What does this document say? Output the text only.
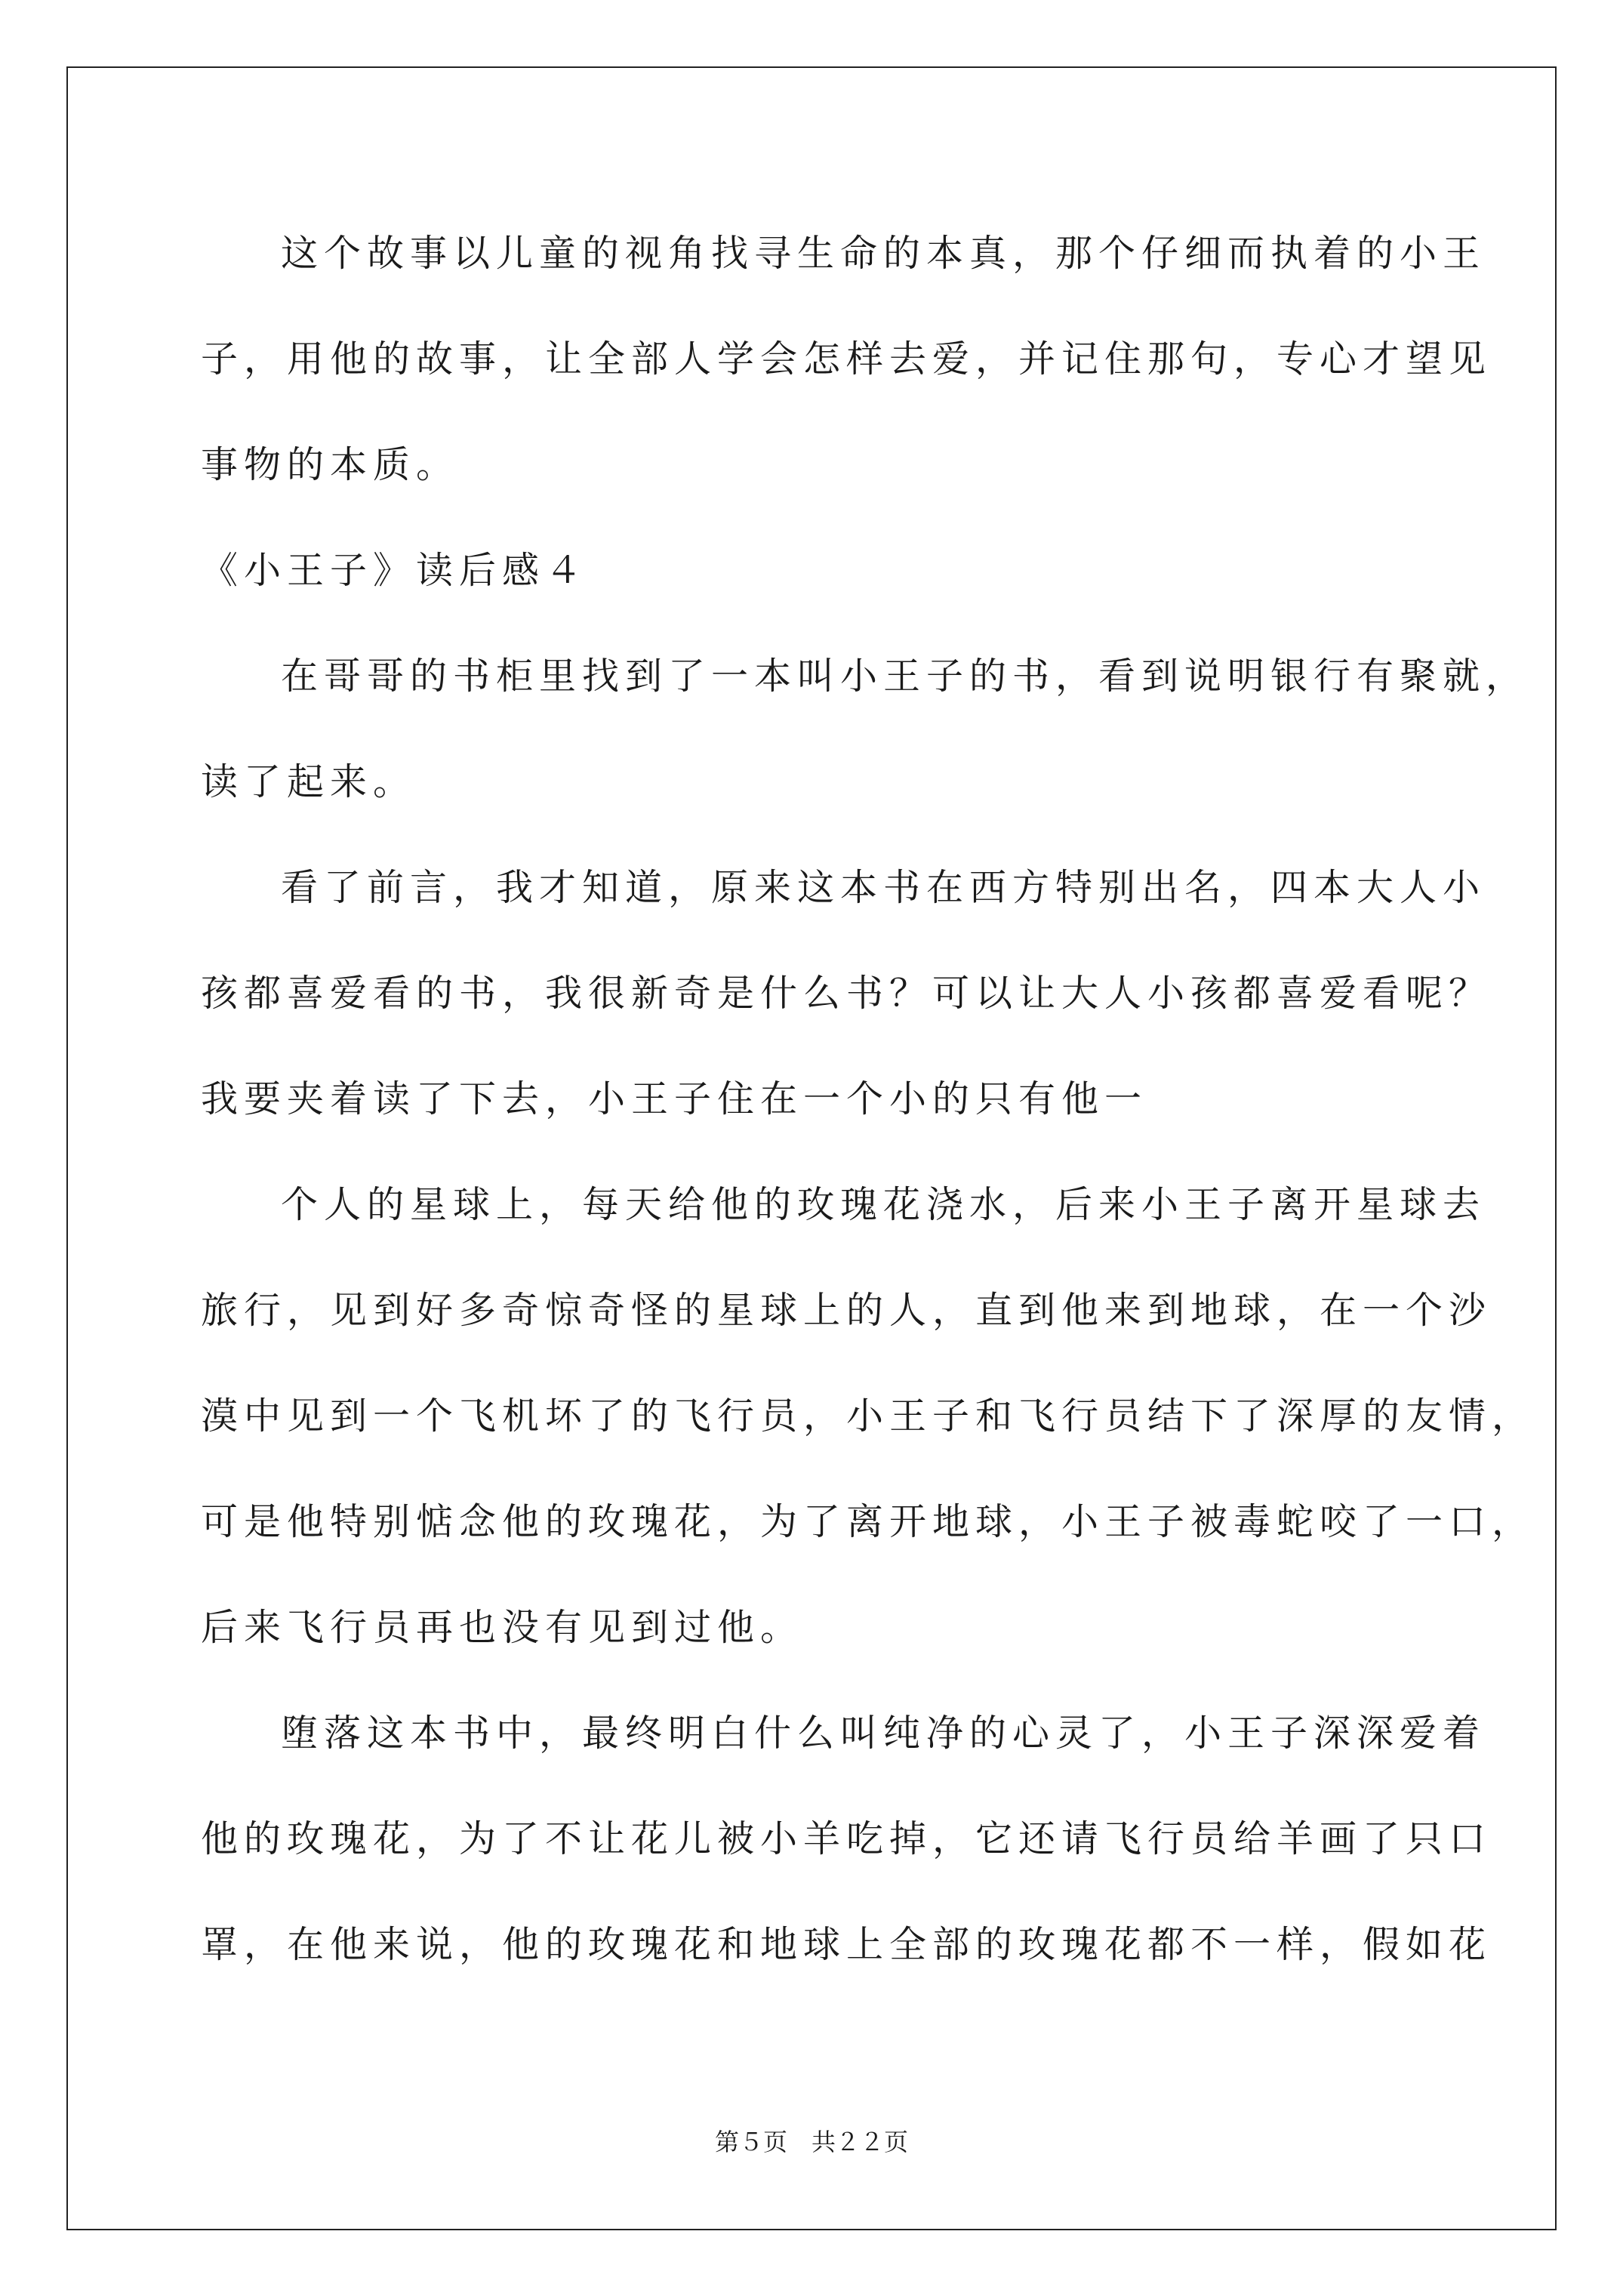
这个故事以儿童的视角找寻生命的本真，那个仔细而执着的小王
子，用他的故事，让全部人学会怎样去爱，并记住那句，专心才望见
事物的本质。
《小王子》读后感４
在哥哥的书柜里找到了一本叫小王子的书，看到说明银行有聚就，
读了起来。
看了前言，我才知道，原来这本书在西方特别出名，四本大人小
孩都喜爱看的书，我很新奇是什么书？可以让大人小孩都喜爱看呢？
我要夹着读了下去，小王子住在一个小的只有他一
个人的星球上，每天给他的玫瑰花浇水，后来小王子离开星球去
旅行，见到好多奇惊奇怪的星球上的人，直到他来到地球，在一个沙
漠中见到一个飞机坏了的飞行员，小王子和飞行员结下了深厚的友情，
可是他特别惦念他的玫瑰花，为了离开地球，小王子被毒蛇咬了一口，
后来飞行员再也没有见到过他。
堕落这本书中，最终明白什么叫纯净的心灵了，小王子深深爱着
他的玫瑰花，为了不让花儿被小羊吃掉，它还请飞行员给羊画了只口
罩，在他来说，他的玫瑰花和地球上全部的玫瑰花都不一样，假如花
第５页　共２２页
